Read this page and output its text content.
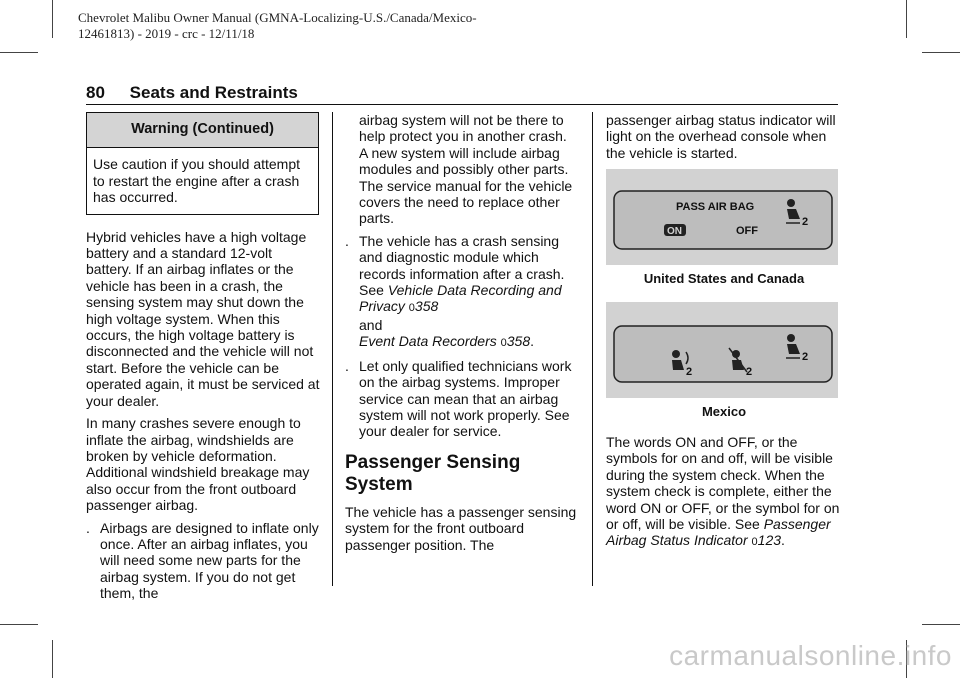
Chevrolet Malibu Owner Manual (GMNA-Localizing-U.S./Canada/Mexico-
12461813) - 2019 - crc - 12/11/18
80 Seats and Restraints
Warning (Continued)
Use caution if you should attempt to restart the engine after a crash has occurred.

Hybrid vehicles have a high voltage battery and a standard 12-volt battery. If an airbag inflates or the vehicle has been in a crash, the sensing system may shut down the high voltage system. When this occurs, the high voltage battery is disconnected and the vehicle will not start. Before the vehicle can be operated again, it must be serviced at your dealer.

In many crashes severe enough to inflate the airbag, windshields are broken by vehicle deformation. Additional windshield breakage may also occur from the front outboard passenger airbag.

. Airbags are designed to inflate only once. After an airbag inflates, you will need some new parts for the airbag system. If you do not get them, the
airbag system will not be there to help protect you in another crash. A new system will include airbag modules and possibly other parts. The service manual for the vehicle covers the need to replace other parts.
. The vehicle has a crash sensing and diagnostic module which records information after a crash. See Vehicle Data Recording and Privacy 0358
and
Event Data Recorders 0358.
. Let only qualified technicians work on the airbag systems. Improper service can mean that an airbag system will not work properly. See your dealer for service.
Passenger Sensing System

The vehicle has a passenger sensing system for the front outboard passenger position. The

passenger airbag status indicator will light on the overhead console when the vehicle is started.

PASS AIR BAG
ON	OFF
2
United States and Canada
2	2
2
Mexico

The words ON and OFF, or the symbols for on and off, will be visible during the system check. When the system check is complete, either the word ON or OFF, or the symbol for on or off, will be visible. See Passenger Airbag Status Indicator 0123.

carmanualsonline.info
